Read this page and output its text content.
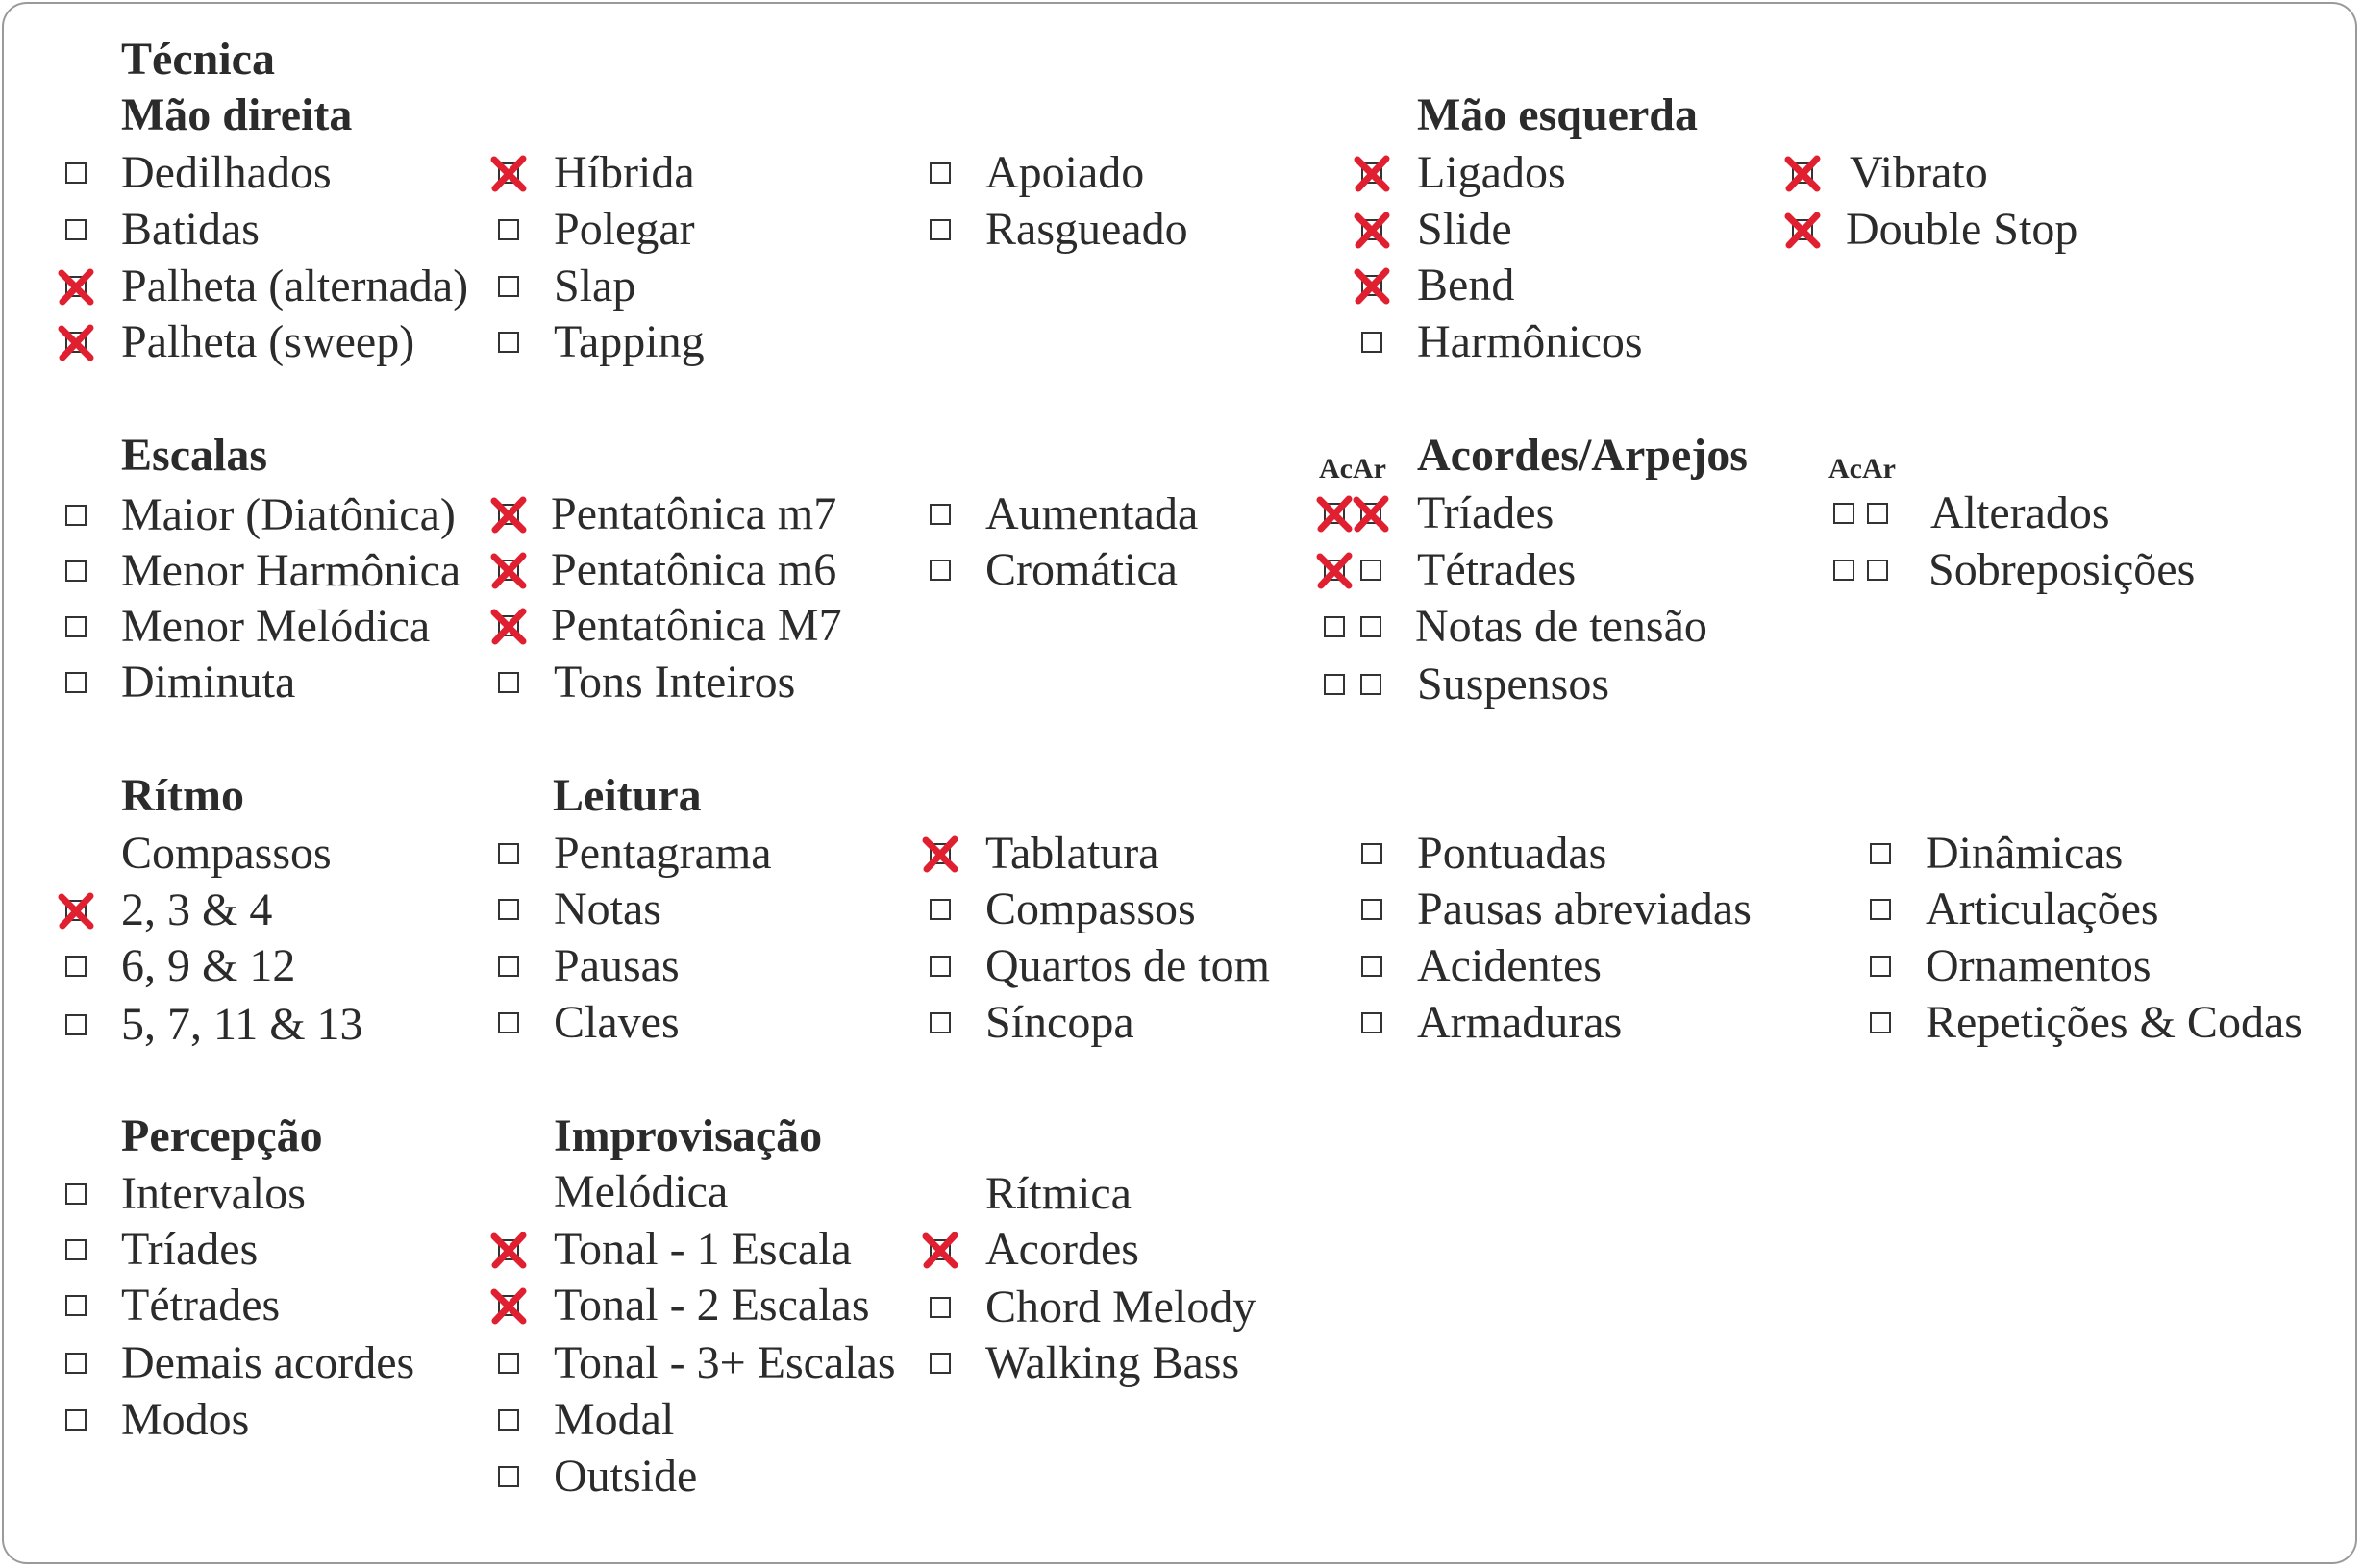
Técnica
Mão direita	Mão esquerda
Dedilhados
Batidas
Palheta (alternada)
Palheta (sweep)
Híbrida
Polegar
Slap
Tapping
Apoiado
Rasgueado
Ligados
Slide
Bend
Harmônicos
Vibrato
Double Stop
Escalas
Maior (Diatônica)
Menor Harmônica
Menor Melódica
Diminuta
Pentatônica m7
Pentatônica m6
Pentatônica M7
Tons Inteiros
Aumentada
Cromática
Acordes/Arpejos
AcAr	AcAr
Tríades
Tétrades
Notas de tensão
Suspensos
Alterados
Sobreposições
Rítmo
Compassos
2, 3 & 4
6, 9 & 12
5, 7, 11 & 13
Leitura
Pentagrama
Notas
Pausas
Claves
Tablatura
Compassos
Quartos de tom
Síncopa
Pontuadas
Pausas abreviadas
Acidentes
Armaduras
Dinâmicas
Articulações
Ornamentos
Repetições & Codas
Percepção
Intervalos
Tríades
Tétrades
Demais acordes
Modos
Improvisação
Melódica
Tonal - 1 Escala
Tonal - 2 Escalas
Tonal - 3+ Escalas
Modal
Outside
Rítmica
Acordes
Chord Melody
Walking Bass
